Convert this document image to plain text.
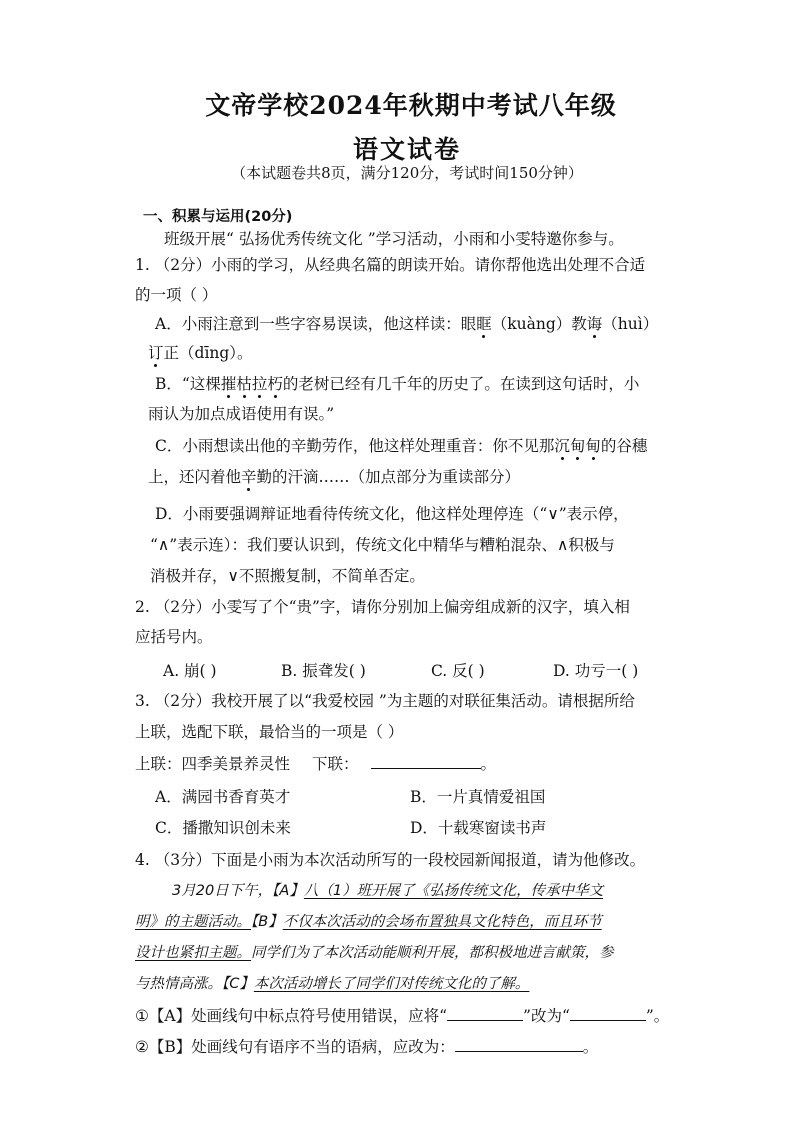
文帝学校2024年秋期中考试八年级
语文试卷
（本试题卷共8页，满分120分，考试时间150分钟）
一、积累与运用(20分)
班级开展“ 弘扬优秀传统文化 ”学习活动，小雨和小雯特邀你参与。
1. （2分）小雨的学习，从经典名篇的朗读开始。请你帮他选出处理不合适
的一项（ ）
A．小雨注意到一些字容易误读，他这样读：眼眶（kuàng）教诲（huì）
订正（dīng）。
B．“这棵摧枯拉朽的老树已经有几千年的历史了。在读到这句话时，小
雨认为加点成语使用有误。”
C．小雨想读出他的辛勤劳作，他这样处理重音：你不见那沉甸甸的谷穗
上，还闪着他辛勤的汗滴……（加点部分为重读部分）
D．小雨要强调辩证地看待传统文化，他这样处理停连（“∨”表示停，
“∧”表示连）：我们要认识到，传统文化中精华与糟粕混杂、∧积极与
消极并存，∨不照搬复制，不简单否定。
2. （2分）小雯写了个“贵”字，请你分别加上偏旁组成新的汉字，填入相
应括号内。
A. 崩( )	B. 振聋发( )	C. 反( )	D. 功亏一( )
3. （2分）我校开展了以“我爱校园 ”为主题的对联征集活动。请根据所给
上联，选配下联，最恰当的一项是（ ）
上联：四季美景养灵性 下联：	。
A．满园书香育英才	B．一片真情爱祖国
C．播撒知识创未来	D．十载寒窗读书声
4. （3分）下面是小雨为本次活动所写的一段校园新闻报道，请为他修改。
3月20日下午，【A】八（1）班开展了《弘扬传统文化，传承中华文
明》的主题活动。【B】不仅本次活动的会场布置独具文化特色，而且环节
设计也紧扣主题。同学们为了本次活动能顺利开展，都积极地进言献策，参
与热情高涨。【C】本次活动增长了同学们对传统文化的了解。
①【A】处画线句中标点符号使用错误，应将“	”改为“	”。
②【B】处画线句有语序不当的语病，应改为：	。
